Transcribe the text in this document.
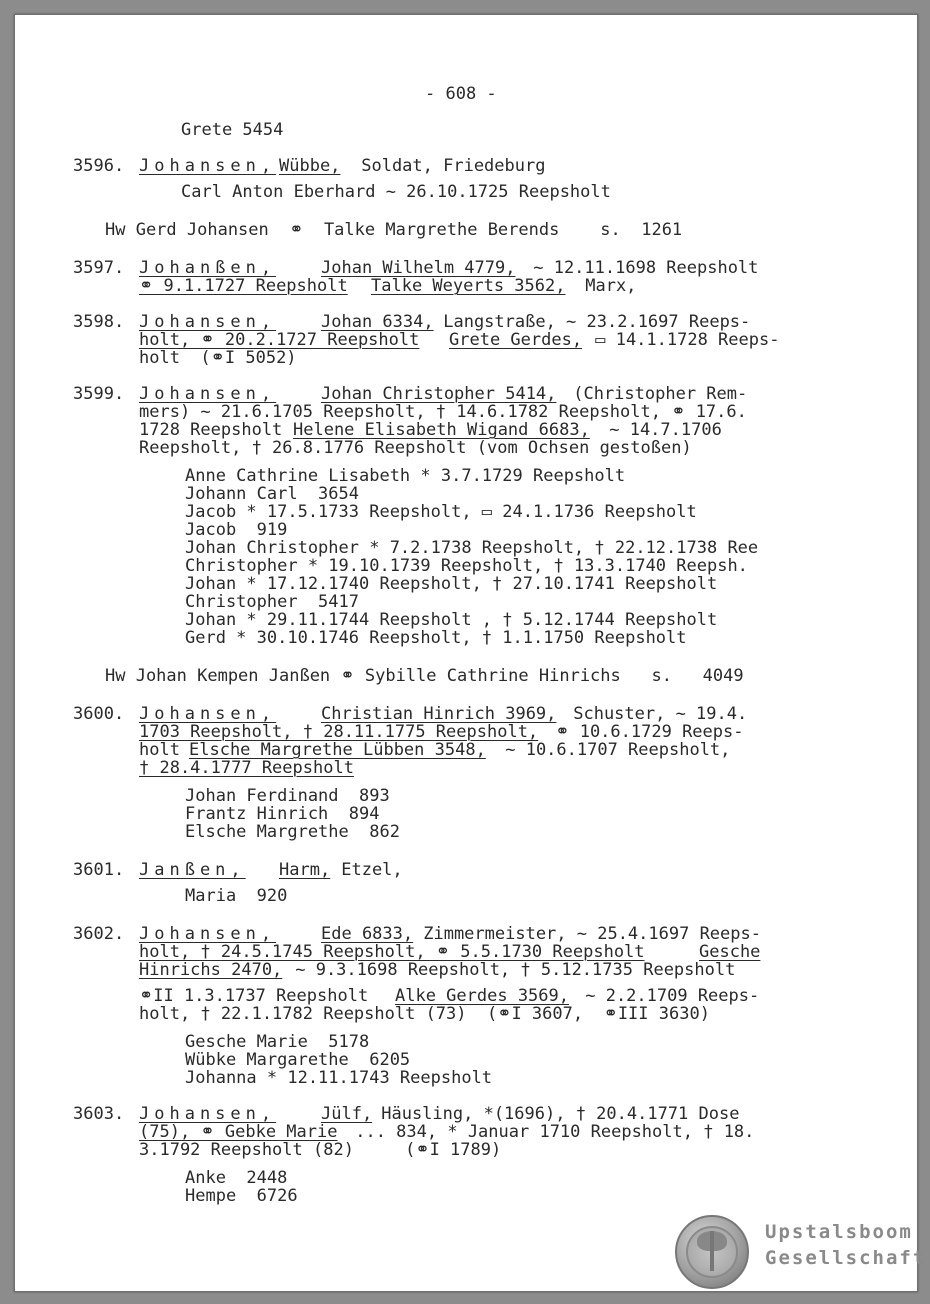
- 608 -
Grete 5454
3596. Johansen, Wübbe, Soldat, Friedeburg
Carl Anton Eberhard ~ 26.10.1725 Reepsholt
Hw Gerd Johansen  ⚭  Talke Margrethe Berends    s.  1261
3597. Johanßen,	Johan Wilhelm 4779, ~ 12.11.1698 Reepsholt
⚭ 9.1.1727 Reepsholt Talke Weyerts 3562, Marx,
3598. Johansen,	Johan 6334, Langstraße, ~ 23.2.1697 Reeps-
holt, ⚭ 20.2.1727 Reepsholt Grete Gerdes, ▭ 14.1.1728 Reeps-
holt  (⚭I 5052)
3599. Johansen,	Johan Christopher 5414, (Christopher Rem-
mers) ~ 21.6.1705 Reepsholt, † 14.6.1782 Reepsholt, ⚭ 17.6.
1728 Reepsholt Helene Elisabeth Wigand 6683, ~ 14.7.1706
Reepsholt, † 26.8.1776 Reepsholt (vom Ochsen gestoßen)
Anne Cathrine Lisabeth * 3.7.1729 Reepsholt
Johann Carl  3654
Jacob * 17.5.1733 Reepsholt, ▭ 24.1.1736 Reepsholt
Jacob  919
Johan Christopher * 7.2.1738 Reepsholt, † 22.12.1738 Ree
Christopher * 19.10.1739 Reepsholt, † 13.3.1740 Reepsh.
Johan * 17.12.1740 Reepsholt, † 27.10.1741 Reepsholt
Christopher  5417
Johan * 29.11.1744 Reepsholt , † 5.12.1744 Reepsholt
Gerd * 30.10.1746 Reepsholt, † 1.1.1750 Reepsholt
Hw Johan Kempen Janßen ⚭ Sybille Cathrine Hinrichs   s.   4049
3600. Johansen,	Christian Hinrich 3969, Schuster, ~ 19.4.
1703 Reepsholt, † 28.11.1775 Reepsholt, ⚭ 10.6.1729 Reeps-
holt Elsche Margrethe Lübben 3548, ~ 10.6.1707 Reepsholt,
† 28.4.1777 Reepsholt
Johan Ferdinand  893
Frantz Hinrich  894
Elsche Margrethe  862
3601. Janßen, Harm, Etzel,
Maria  920
3602. Johansen,	Ede 6833, Zimmermeister, ~ 25.4.1697 Reeps-
holt, † 24.5.1745 Reepsholt, ⚭ 5.5.1730 Reepsholt	Gesche
Hinrichs 2470, ~ 9.3.1698 Reepsholt, † 5.12.1735 Reepsholt
⚭II 1.3.1737 Reepsholt Alke Gerdes 3569, ~ 2.2.1709 Reeps-
holt, † 22.1.1782 Reepsholt (73)  (⚭I 3607,  ⚭III 3630)
Gesche Marie  5178
Wübke Margarethe  6205
Johanna * 12.11.1743 Reepsholt
3603. Johansen,	Jülf,
Häusling, *(1696), † 20.4.1771 Dose
(75), ⚭ Gebke Marie ... 834, * Januar 1710 Reepsholt, † 18.
3.1792 Reepsholt (82)     (⚭I 1789)
Anke  2448
Hempe  6726
Upstalsboom
Gesellschaft
